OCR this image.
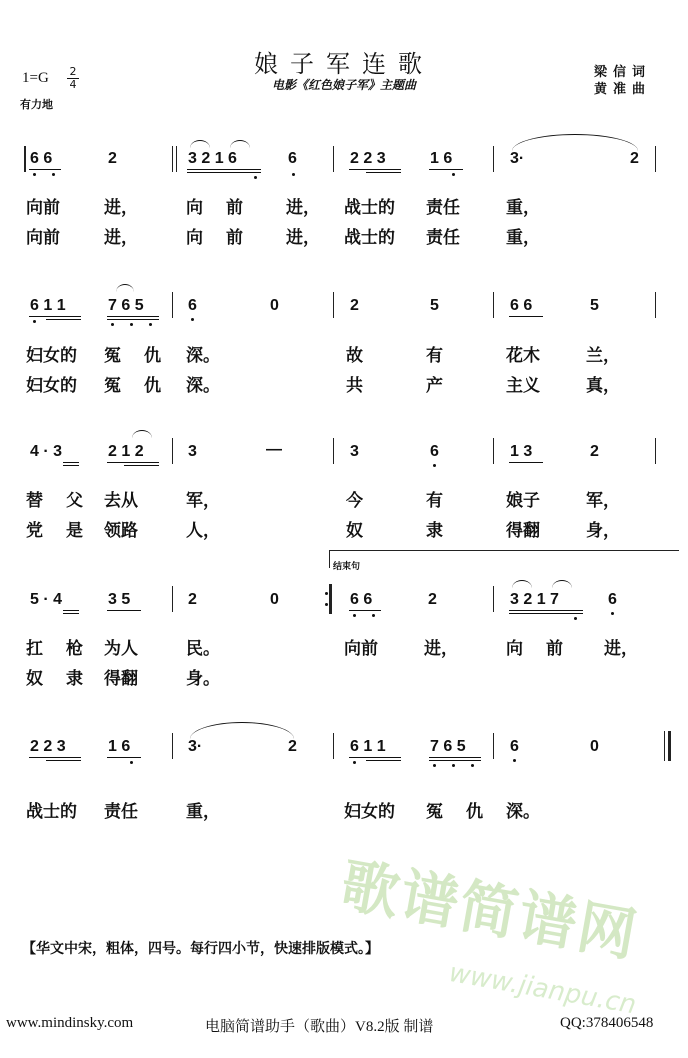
歌谱简谱网
www.jianpu.cn
娘子军连歌
电影《红色娘子军》主题曲
1=G 2
4
有力地
梁信词
黄准曲
6 6	2	3 2 1 6	6	2 2 3	1 6	3·	2
向前	进，	向 前	进， 战士的 责任	重，
向前	进，	向 前	进， 战士的 责任	重，
6 1 1	7 6 5	6	0	2	5	6 6	5
妇女的 冤 仇 深。	故	有	花木	兰，
妇女的 冤 仇 深。	共	产	主义	真，
4 · 3	2 1 2	3	—	3	6	1 3	2
替 父 去从	军，	今	有	娘子	军，
党 是 领路	人，	奴	隶	得翻	身，
结束句
5 · 4	3 5	2	0	6 6	2	3 2 1 7	6
扛 枪 为人	民。	向前	进，	向 前 进，
奴 隶 得翻	身。
2 2 3	1 6	3·	2	6 1 1	7 6 5	6	0
战士的 责任	重，	妇女的 冤 仇 深。
【华文中宋，粗体，四号。每行四小节，快速排版模式。】
www.mindinsky.com	电脑简谱助手（歌曲）V8.2版 制谱	QQ:378406548
